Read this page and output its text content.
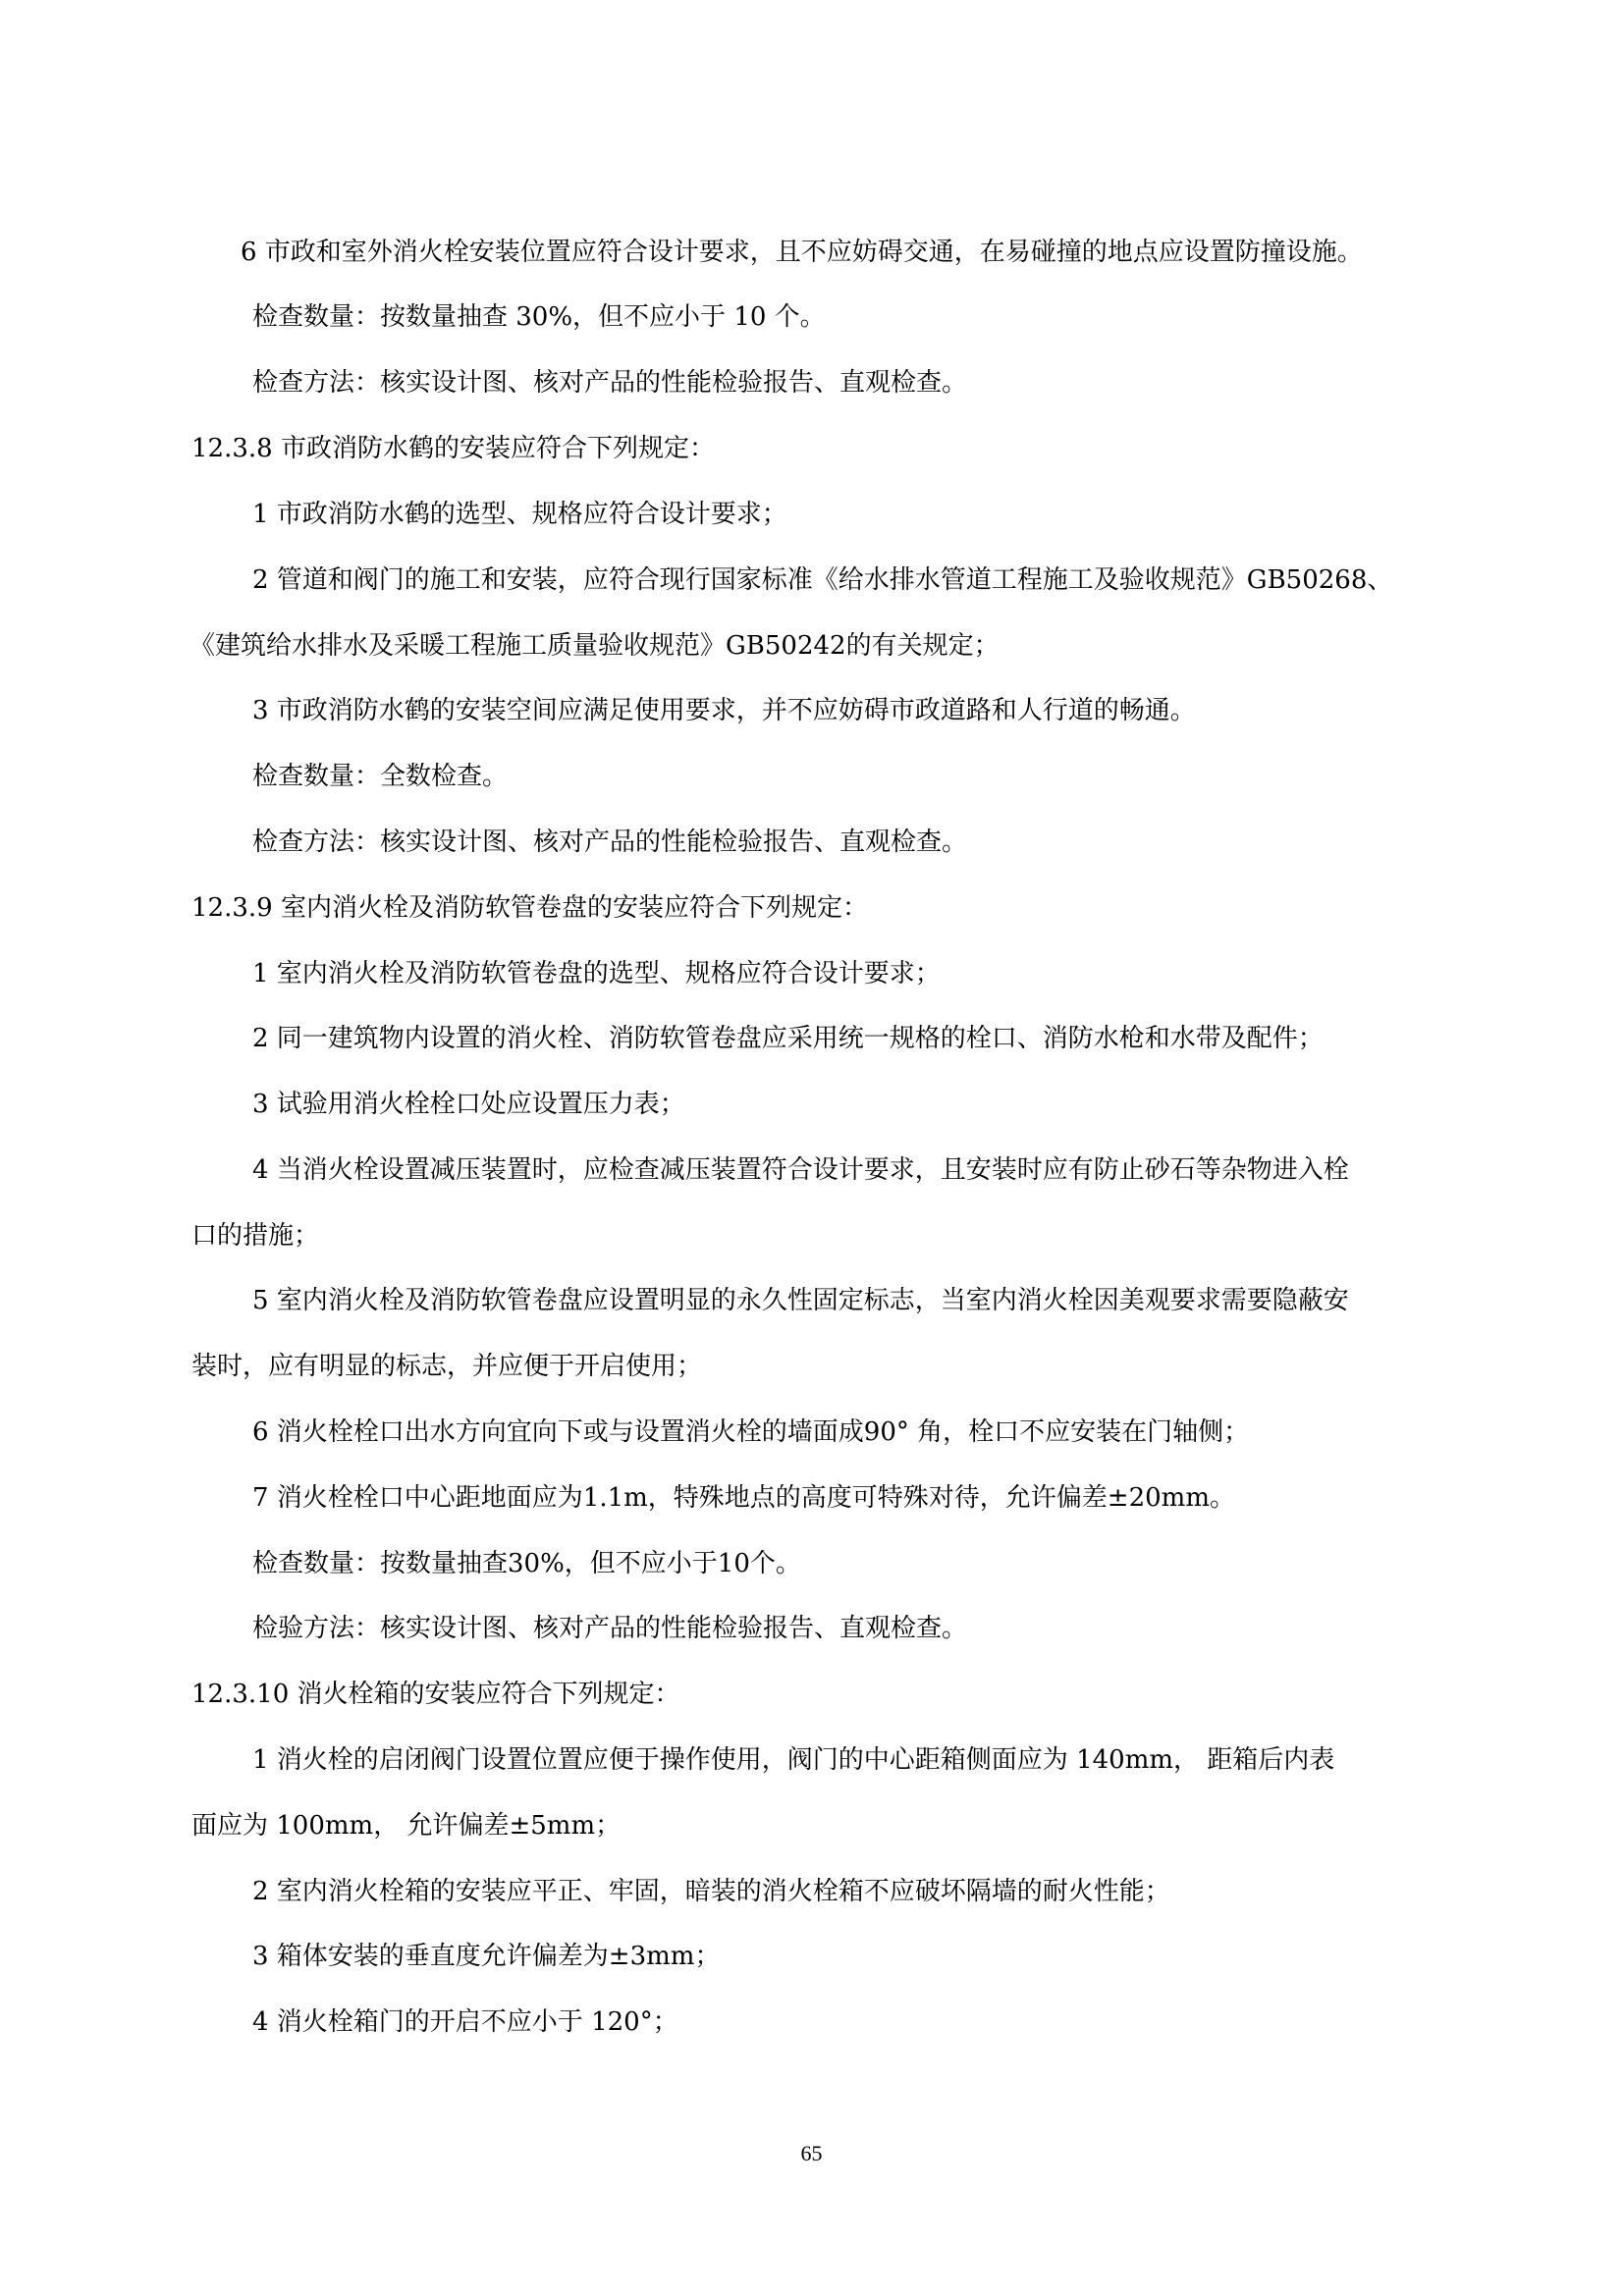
6 市政和室外消火栓安装位置应符合设计要求，且不应妨碍交通，在易碰撞的地点应设置防撞设施。
检查数量：按数量抽查 30%，但不应小于 10 个。
检查方法：核实设计图、核对产品的性能检验报告、直观检查。
12.3.8 市政消防水鹤的安装应符合下列规定：
1 市政消防水鹤的选型、规格应符合设计要求；
2 管道和阀门的施工和安装，应符合现行国家标准《给水排水管道工程施工及验收规范》GB50268、
《建筑给水排水及采暖工程施工质量验收规范》GB50242的有关规定；
3 市政消防水鹤的安装空间应满足使用要求，并不应妨碍市政道路和人行道的畅通。
检查数量：全数检查。
检查方法：核实设计图、核对产品的性能检验报告、直观检查。
12.3.9 室内消火栓及消防软管卷盘的安装应符合下列规定：
1 室内消火栓及消防软管卷盘的选型、规格应符合设计要求；
2 同一建筑物内设置的消火栓、消防软管卷盘应采用统一规格的栓口、消防水枪和水带及配件；
3 试验用消火栓栓口处应设置压力表；
4 当消火栓设置减压装置时，应检查减压装置符合设计要求，且安装时应有防止砂石等杂物进入栓
口的措施；
5 室内消火栓及消防软管卷盘应设置明显的永久性固定标志，当室内消火栓因美观要求需要隐蔽安
装时，应有明显的标志，并应便于开启使用；
6 消火栓栓口出水方向宜向下或与设置消火栓的墙面成90° 角，栓口不应安装在门轴侧；
7 消火栓栓口中心距地面应为1.1m，特殊地点的高度可特殊对待，允许偏差±20mm。
检查数量：按数量抽查30%，但不应小于10个。
检验方法：核实设计图、核对产品的性能检验报告、直观检查。
12.3.10 消火栓箱的安装应符合下列规定：
1 消火栓的启闭阀门设置位置应便于操作使用，阀门的中心距箱侧面应为 140mm， 距箱后内表
面应为 100mm， 允许偏差±5mm；
2 室内消火栓箱的安装应平正、牢固，暗装的消火栓箱不应破坏隔墙的耐火性能；
3 箱体安装的垂直度允许偏差为±3mm；
4 消火栓箱门的开启不应小于 120°；
65
